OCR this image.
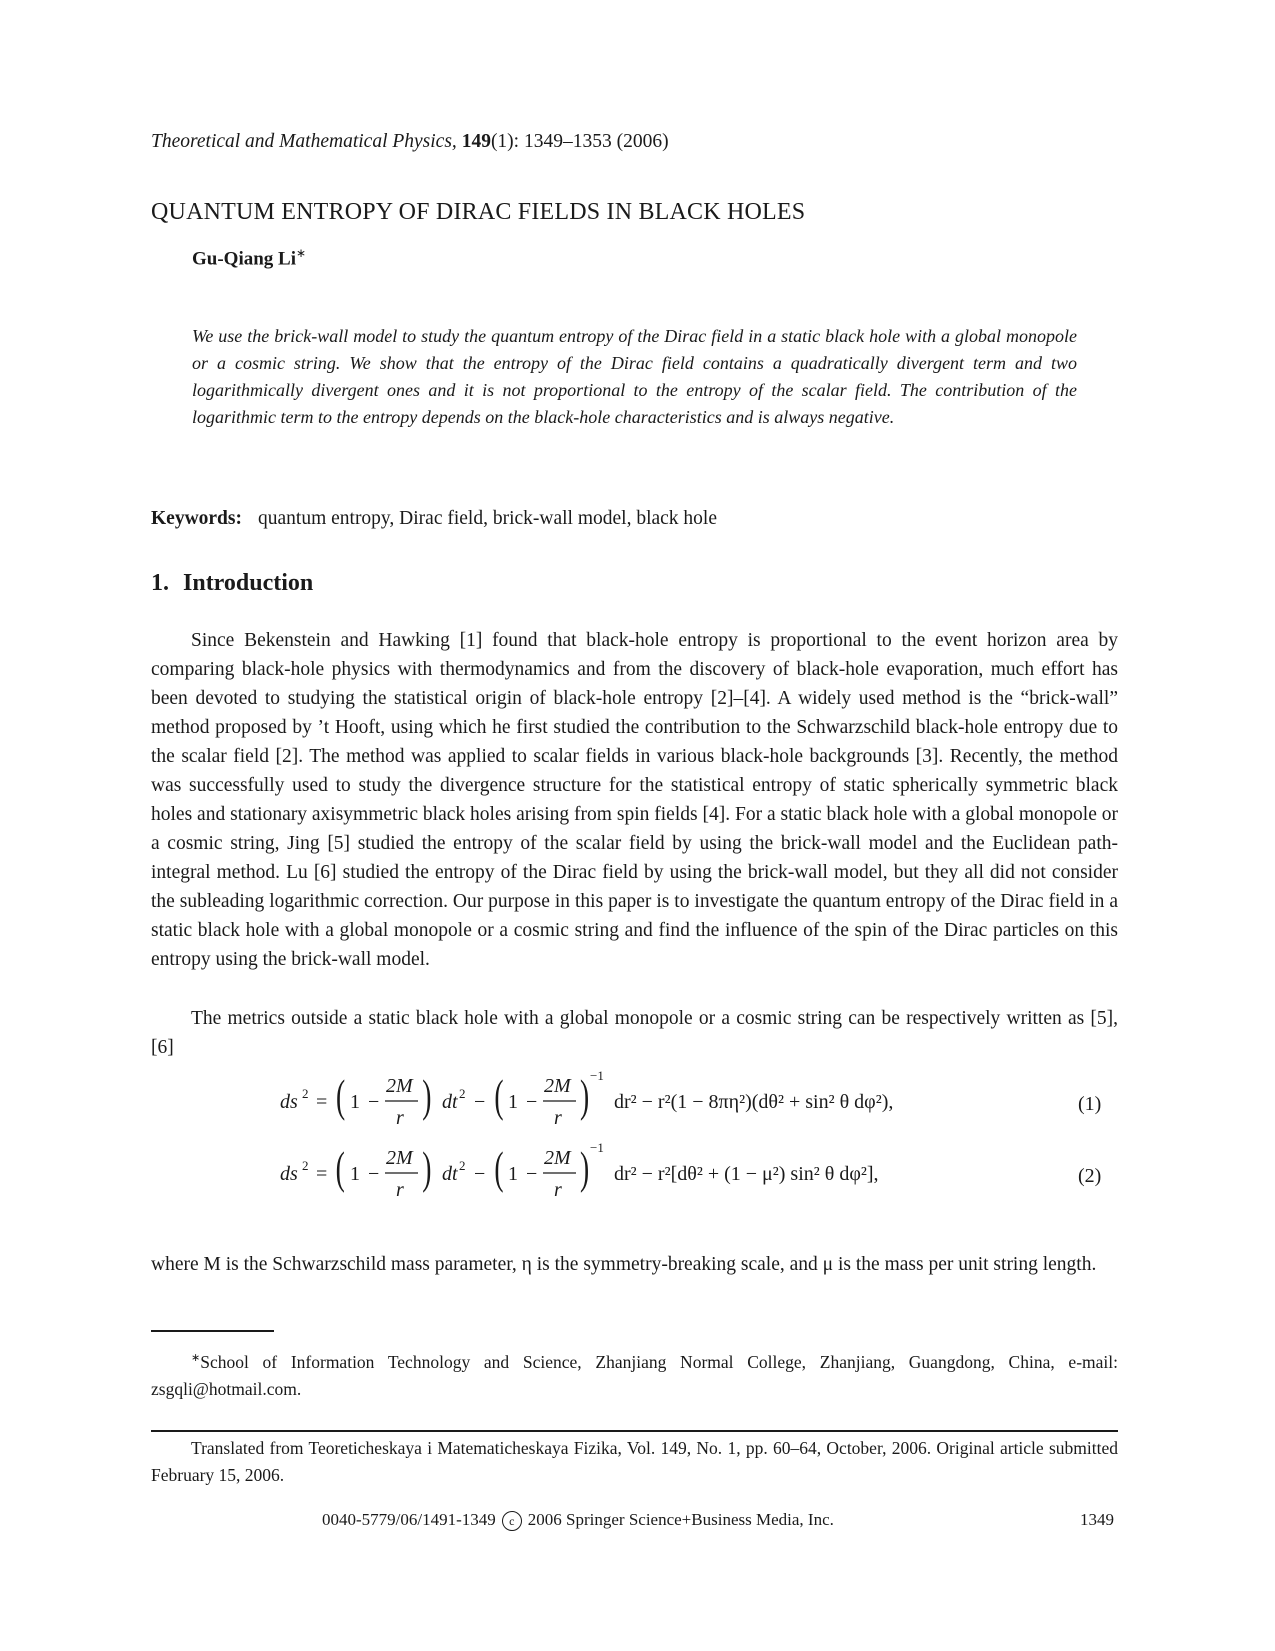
Theoretical and Mathematical Physics, 149(1): 1349–1353 (2006)
QUANTUM ENTROPY OF DIRAC FIELDS IN BLACK HOLES
Gu-Qiang Li∗
We use the brick-wall model to study the quantum entropy of the Dirac field in a static black hole with a global monopole or a cosmic string. We show that the entropy of the Dirac field contains a quadratically divergent term and two logarithmically divergent ones and it is not proportional to the entropy of the scalar field. The contribution of the logarithmic term to the entropy depends on the black-hole characteristics and is always negative.
Keywords: quantum entropy, Dirac field, brick-wall model, black hole
1. Introduction

Since Bekenstein and Hawking [1] found that black-hole entropy is proportional to the event horizon area by comparing black-hole physics with thermodynamics and from the discovery of black-hole evaporation, much effort has been devoted to studying the statistical origin of black-hole entropy [2]–[4]. A widely used method is the “brick-wall” method proposed by ’t Hooft, using which he first studied the contribution to the Schwarzschild black-hole entropy due to the scalar field [2]. The method was applied to scalar fields in various black-hole backgrounds [3]. Recently, the method was successfully used to study the divergence structure for the statistical entropy of static spherically symmetric black holes and stationary axisymmetric black holes arising from spin fields [4]. For a static black hole with a global monopole or a cosmic string, Jing [5] studied the entropy of the scalar field by using the brick-wall model and the Euclidean path-integral method. Lu [6] studied the entropy of the Dirac field by using the brick-wall model, but they all did not consider the subleading logarithmic correction. Our purpose in this paper is to investigate the quantum entropy of the Dirac field in a static black hole with a global monopole or a cosmic string and find the influence of the spin of the Dirac particles on this entropy using the brick-wall model.

The metrics outside a static black hole with a global monopole or a cosmic string can be respectively written as [5], [6]

ds 2 = ( 1 −
2M
r ) dt 2 − ( 1 −
2M
r ) −1
dr² − r²(1 − 8πη²)(dθ² + sin² θ dφ²),	(1)
ds 2 = ( 1 −
2M
r ) dt 2 − ( 1 −
2M
r ) −1
dr² − r²[dθ² + (1 − μ²) sin² θ dφ²],	(2)

where M is the Schwarzschild mass parameter, η is the symmetry-breaking scale, and μ is the mass per unit string length.

∗School of Information Technology and Science, Zhanjiang Normal College, Zhanjiang, Guangdong, China, e-mail: zsgqli@hotmail.com.

Translated from Teoreticheskaya i Matematicheskaya Fizika, Vol. 149, No. 1, pp. 60–64, October, 2006. Original article submitted February 15, 2006.

0040-5779/06/1491-1349 c 2006 Springer Science+Business Media, Inc.	1349
